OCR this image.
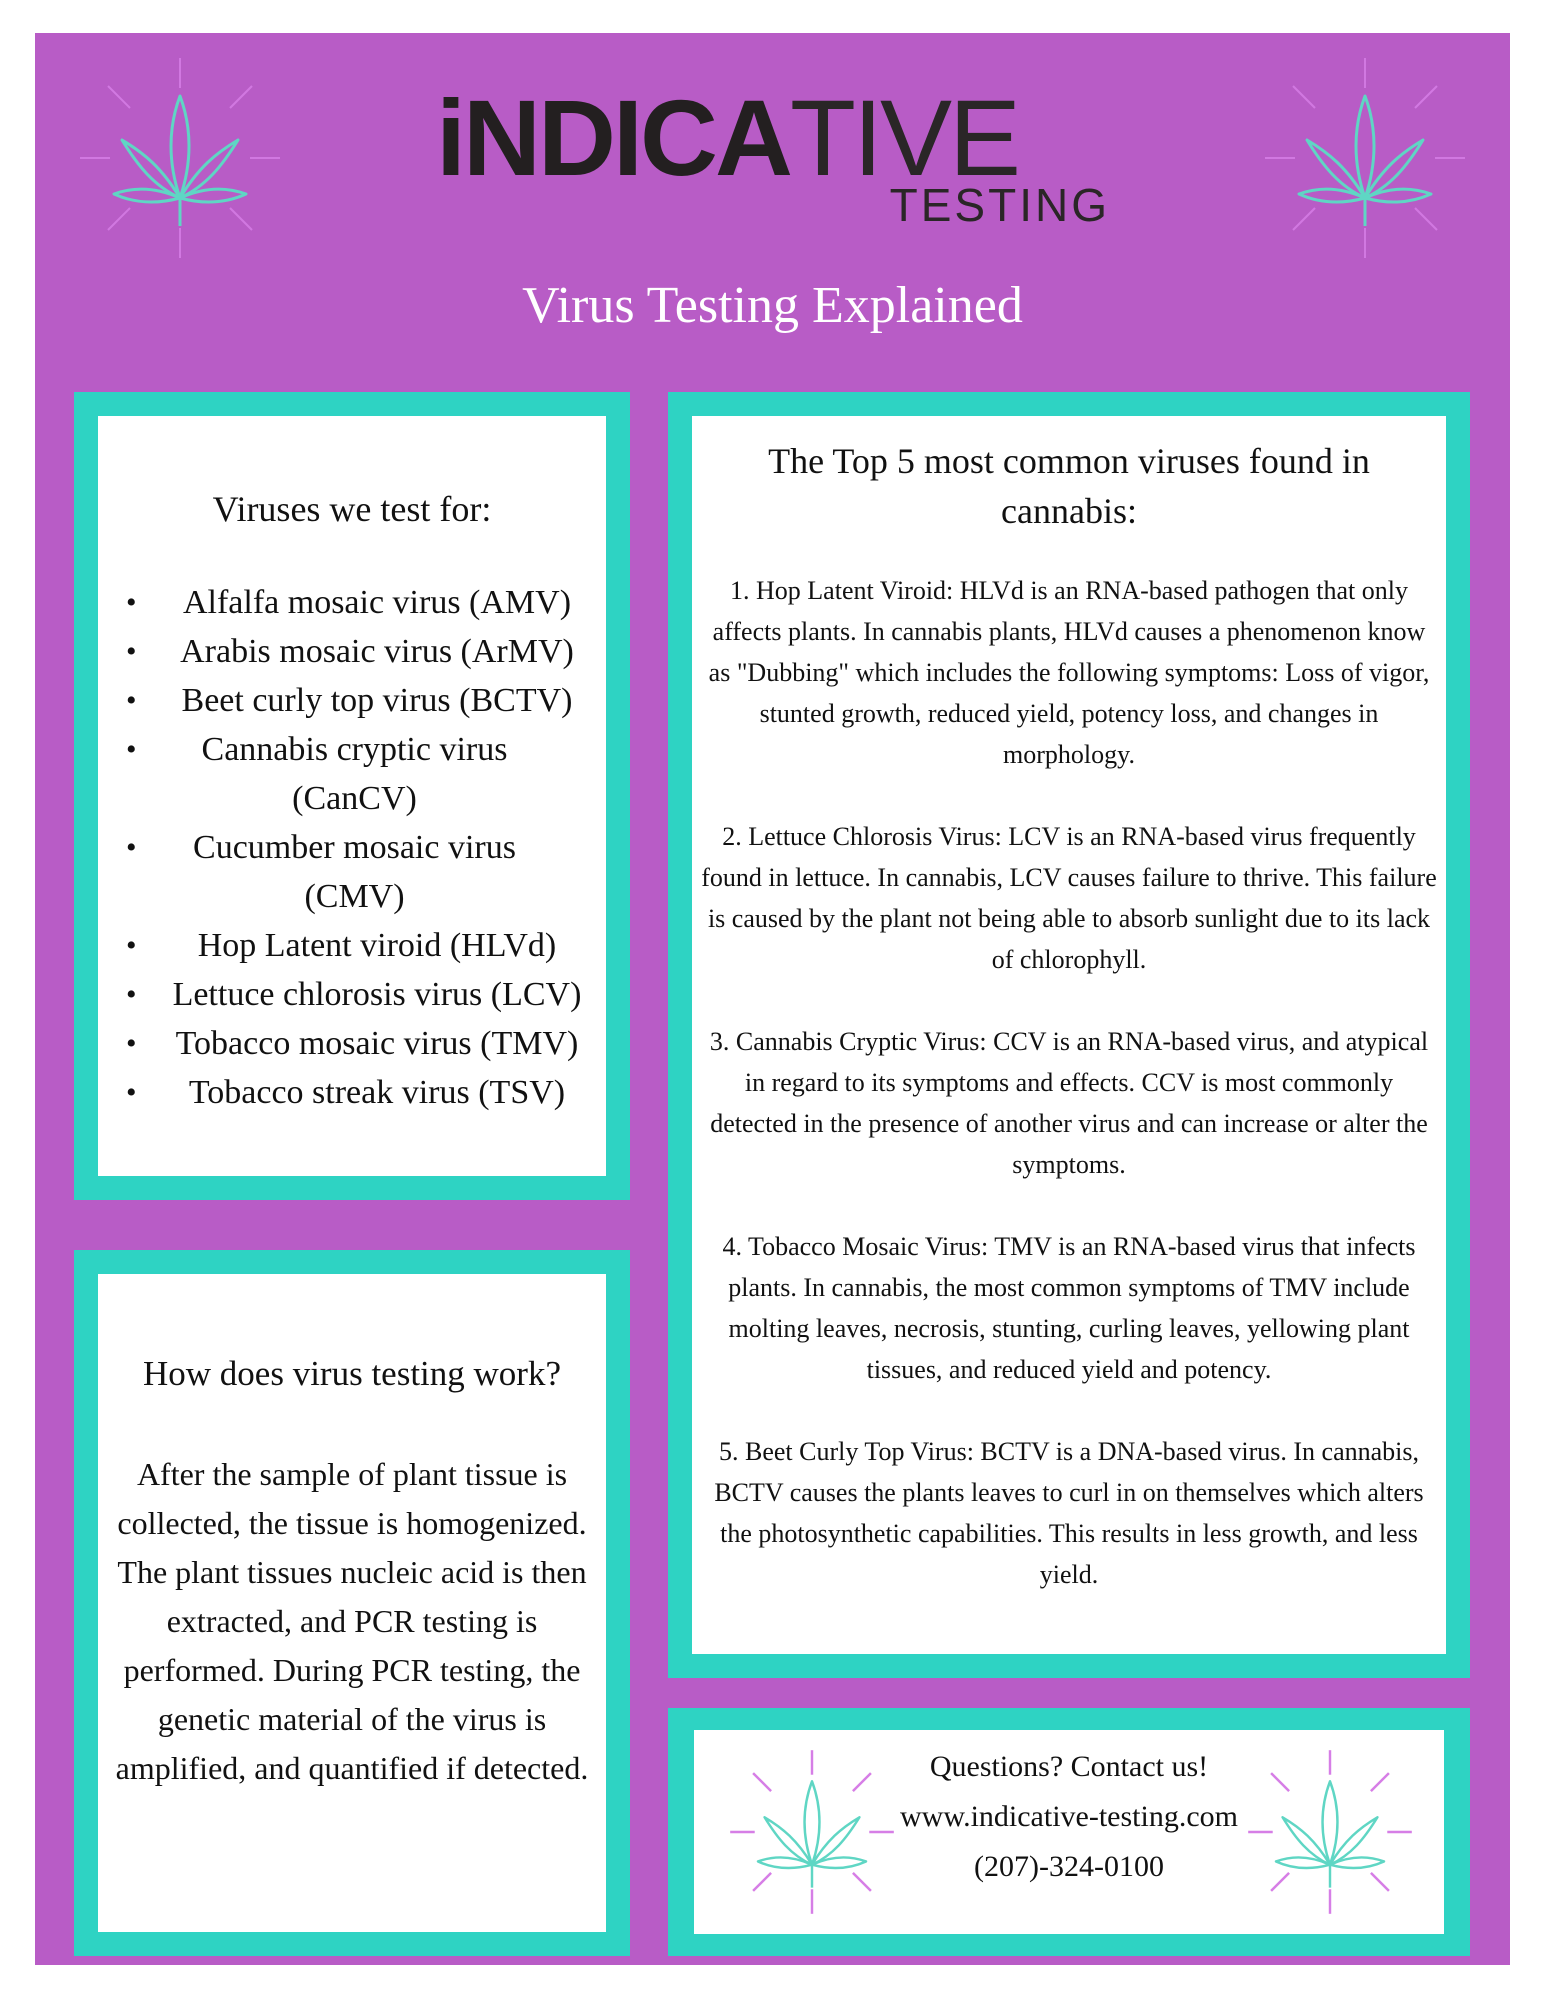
iNDICATIVE
TESTING
Virus Testing Explained
Viruses we test for:
• Alfalfa mosaic virus (AMV)
• Arabis mosaic virus (ArMV)
• Beet curly top virus (BCTV)
• Cannabis cryptic virus (CanCV)
• Cucumber mosaic virus (CMV)
• Hop Latent viroid (HLVd)
• Lettuce chlorosis virus (LCV)
• Tobacco mosaic virus (TMV)
• Tobacco streak virus (TSV)
How does virus testing work?

After the sample of plant tissue is collected, the tissue is homogenized. The plant tissues nucleic acid is then extracted, and PCR testing is performed. During PCR testing, the genetic material of the virus is amplified, and quantified if detected.

The Top 5 most common viruses found in cannabis:

1. Hop Latent Viroid: HLVd is an RNA-based pathogen that only affects plants. In cannabis plants, HLVd causes a phenomenon know as "Dubbing" which includes the following symptoms: Loss of vigor, stunted growth, reduced yield, potency loss, and changes in morphology.

2. Lettuce Chlorosis Virus: LCV is an RNA-based virus frequently found in lettuce. In cannabis, LCV causes failure to thrive. This failure is caused by the plant not being able to absorb sunlight due to its lack of chlorophyll.

3. Cannabis Cryptic Virus: CCV is an RNA-based virus, and atypical in regard to its symptoms and effects. CCV is most commonly detected in the presence of another virus and can increase or alter the symptoms.

4. Tobacco Mosaic Virus: TMV is an RNA-based virus that infects plants. In cannabis, the most common symptoms of TMV include molting leaves, necrosis, stunting, curling leaves, yellowing plant tissues, and reduced yield and potency.

5. Beet Curly Top Virus: BCTV is a DNA-based virus. In cannabis, BCTV causes the plants leaves to curl in on themselves which alters the photosynthetic capabilities. This results in less growth, and less yield.

Questions? Contact us!
www.indicative-testing.com
(207)-324-0100
